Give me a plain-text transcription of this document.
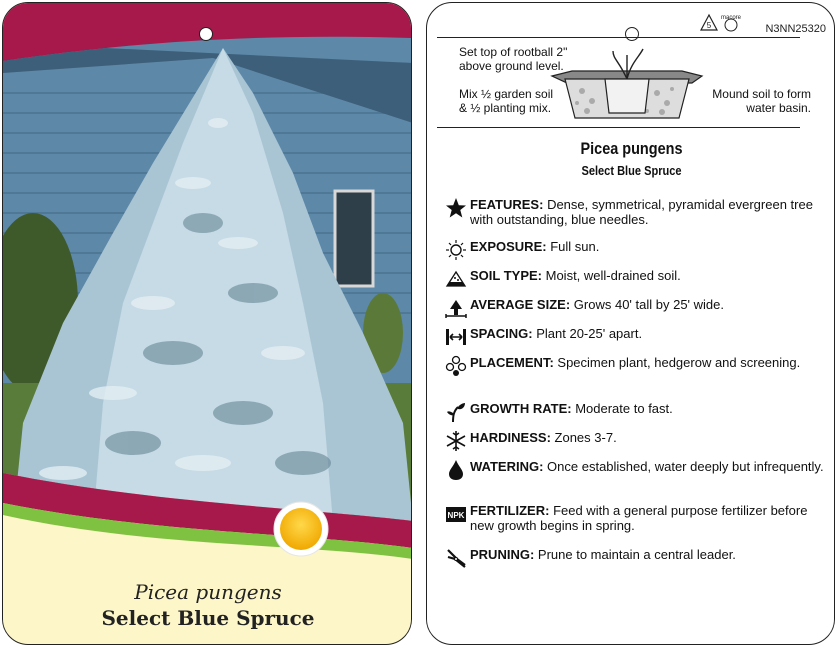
Picea pungens
Select Blue Spruce
5
macore
N3NN25320
Set top of rootball 2" above ground level.
Mix ½ garden soil & ½ planting mix.
Mound soil to form water basin.
Picea pungens
Select Blue Spruce
FEATURES: Dense, symmetrical, pyramidal evergreen tree with outstanding, blue needles.
EXPOSURE: Full sun.
SOIL TYPE: Moist, well-drained soil.
AVERAGE SIZE: Grows 40' tall by 25' wide.
SPACING: Plant 20-25' apart.
PLACEMENT: Specimen plant, hedgerow and screening.
GROWTH RATE: Moderate to fast.
HARDINESS: Zones 3-7.
WATERING: Once established, water deeply but infrequently.
NPK FERTILIZER: Feed with a general purpose fertilizer before new growth begins in spring.
PRUNING: Prune to maintain a central leader.
